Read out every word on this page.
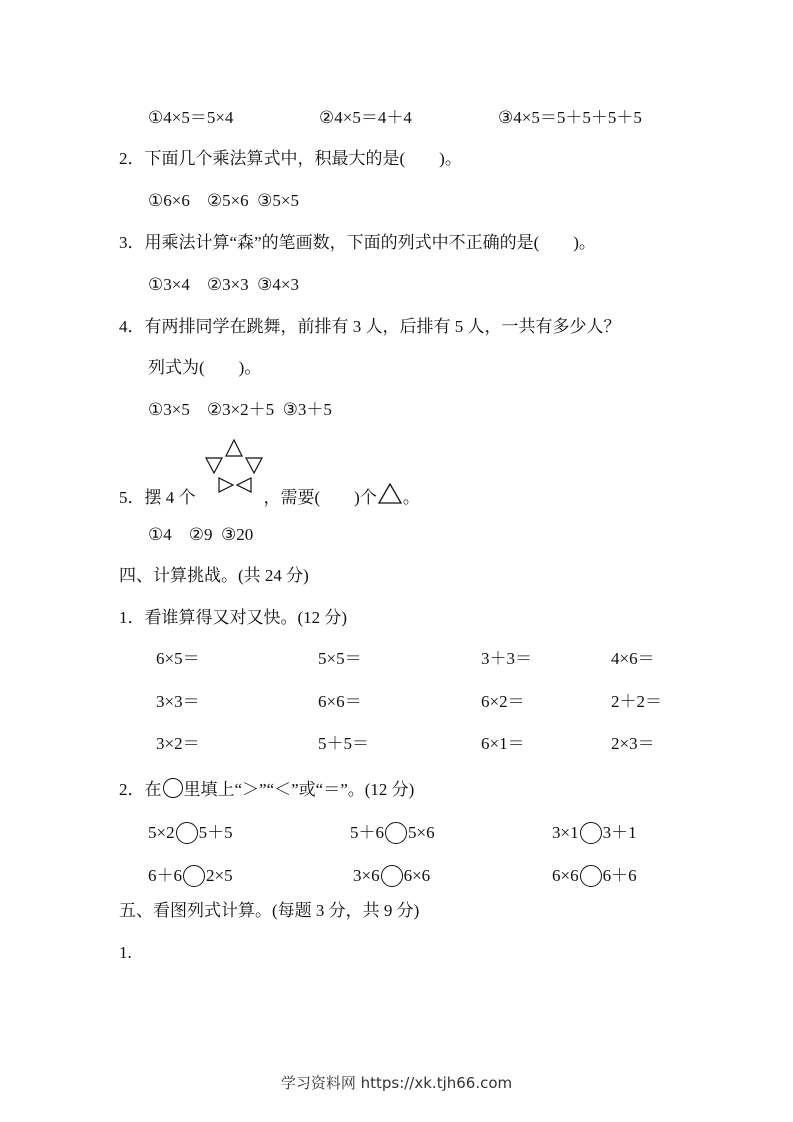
①4×5＝5×4	②4×5＝4＋4	③4×5＝5＋5＋5＋5
2．下面几个乘法算式中，积最大的是(　　)。
①6×6　②5×6  ③5×5
3．用乘法计算“森”的笔画数，下面的列式中不正确的是(　　)。
①3×4　②3×3  ③4×3
4．有两排同学在跳舞，前排有 3 人，后排有 5 人，一共有多少人？
列式为(　　)。
①3×5　②3×2＋5  ③3＋5
5．摆 4 个	，需要(　　)个 。
①4　②9  ③20
四、计算挑战。(共 24 分)
1．看谁算得又对又快。(12 分)
6×5＝	5×5＝	3＋3＝	4×6＝
3×3＝	6×6＝	6×2＝	2＋2＝
3×2＝	5＋5＝	6×1＝	2×3＝
2．在 里填上“＞”“＜”或“＝”。(12 分)
5×2 5＋5	5＋6 5×6	3×1 3＋1
6＋6 2×5	3×6 6×6	6×6 6＋6
五、看图列式计算。(每题 3 分，共 9 分)
1.
学习资料网 https://xk.tjh66.com
